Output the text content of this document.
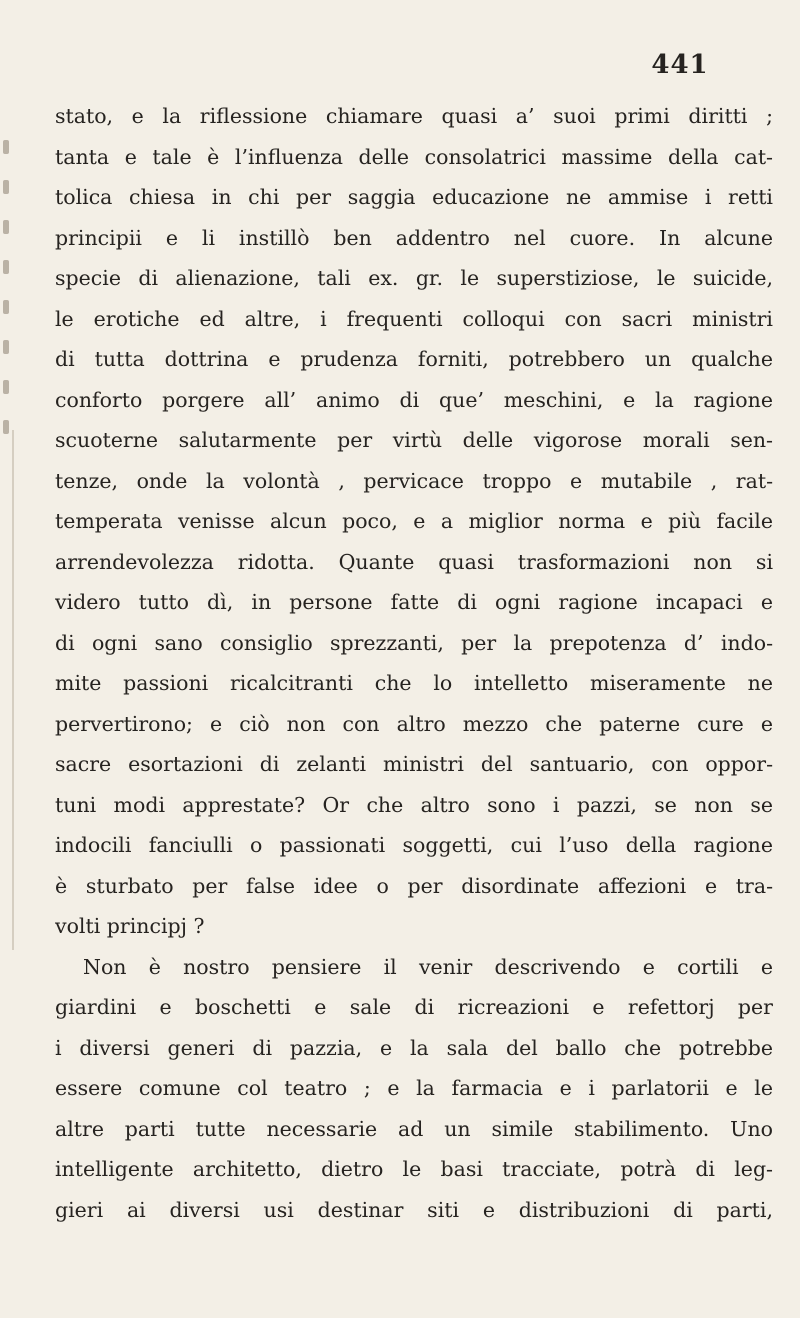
441
stato, e la riflessione chiamare quasi a’ suoi primi diritti ;
tanta e tale è l’influenza delle consolatrici massime della cat-
tolica chiesa in chi per saggia educazione ne ammise i retti
principii e li instillò ben addentro nel cuore. In alcune
specie di alienazione, tali ex. gr. le superstiziose, le suicide,
le erotiche ed altre, i frequenti colloqui con sacri ministri
di tutta dottrina e prudenza forniti, potrebbero un qualche
conforto porgere all’ animo di que’ meschini, e la ragione
scuoterne salutarmente per virtù delle vigorose morali sen-
tenze, onde la volontà , pervicace troppo e mutabile , rat-
temperata venisse alcun poco, e a miglior norma e più facile
arrendevolezza ridotta. Quante quasi trasformazioni non si
videro tutto dì, in persone fatte di ogni ragione incapaci e
di ogni sano consiglio sprezzanti, per la prepotenza d’ indo-
mite passioni ricalcitranti che lo intelletto miseramente ne
pervertirono; e ciò non con altro mezzo che paterne cure e
sacre esortazioni di zelanti ministri del santuario, con oppor-
tuni modi apprestate? Or che altro sono i pazzi, se non se
indocili fanciulli o passionati soggetti, cui l’uso della ragione
è sturbato per false idee o per disordinate affezioni e tra-
volti principj ?
Non è nostro pensiere il venir descrivendo e cortili e
giardini e boschetti e sale di ricreazioni e refettorj per
i diversi generi di pazzia, e la sala del ballo che potrebbe
essere comune col teatro ; e la farmacia e i parlatorii e le
altre parti tutte necessarie ad un simile stabilimento. Uno
intelligente architetto, dietro le basi tracciate, potrà di leg-
gieri ai diversi usi destinar siti e distribuzioni di parti,
